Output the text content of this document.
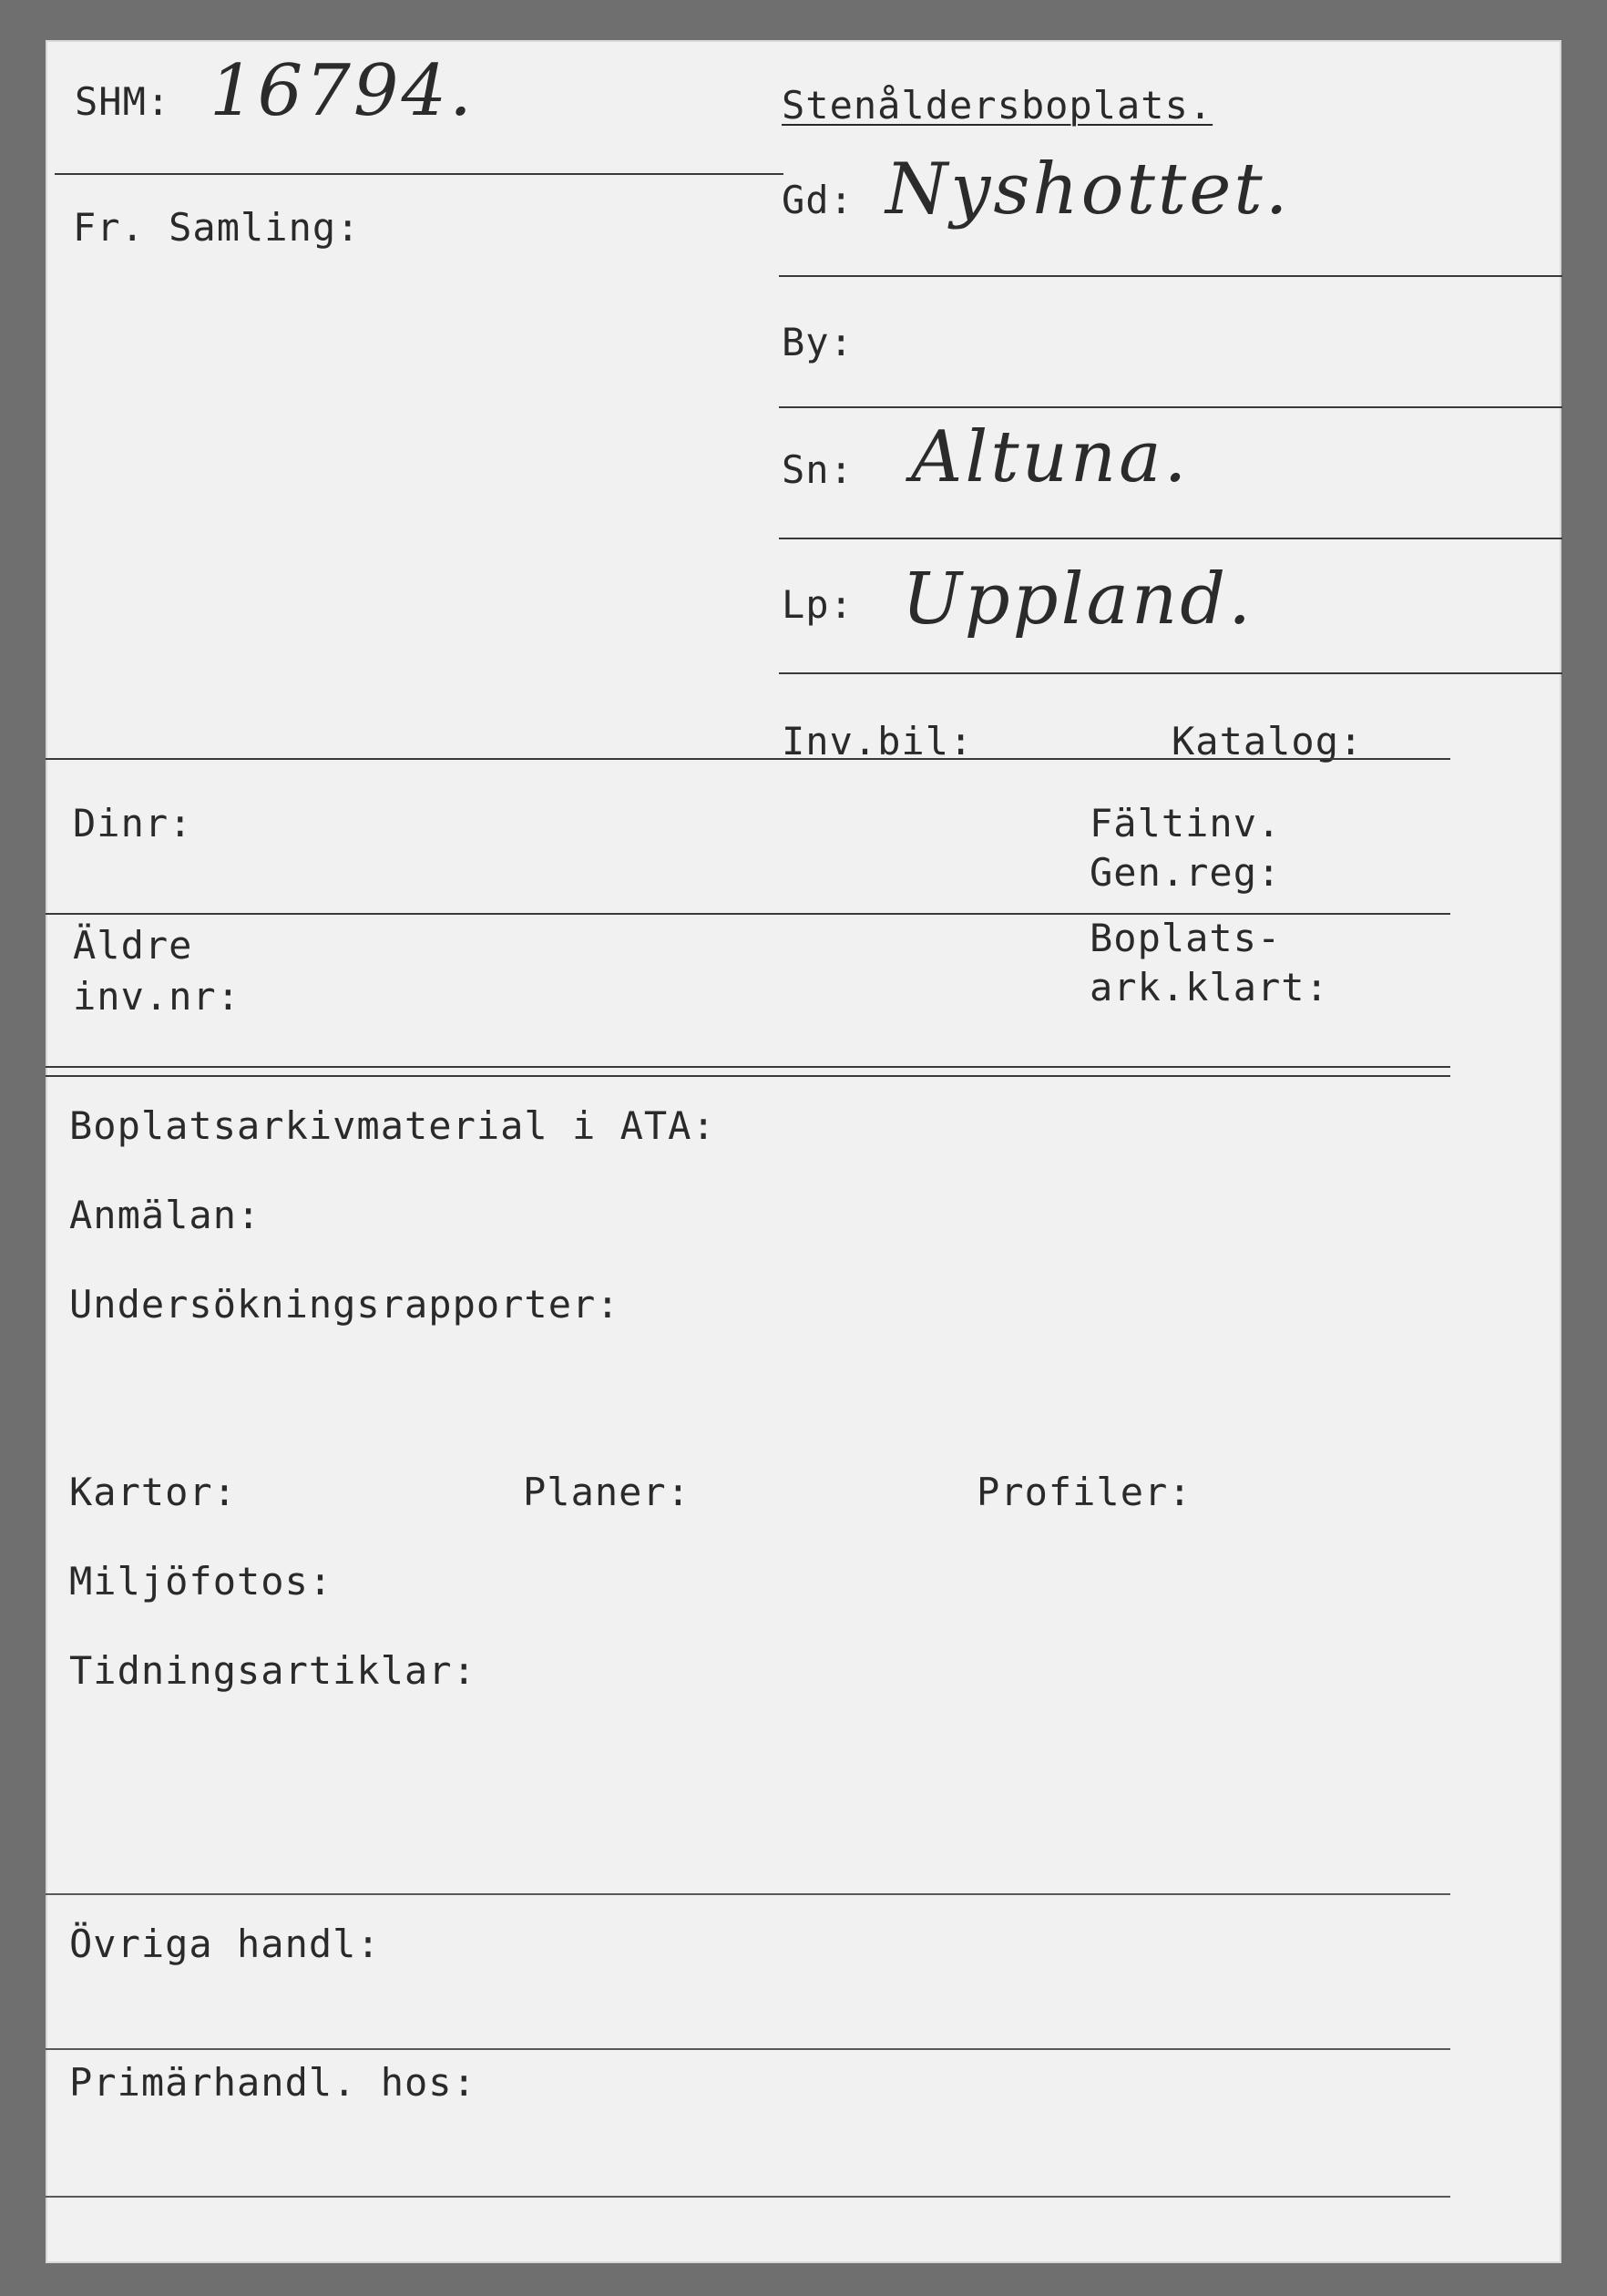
SHM: 16794.
Fr. Samling:
Stenåldersboplats.
Gd: Nyshottet.
By:
Sn: Altuna.
Lp: Uppland.
Inv.bil:	Katalog:
Dinr:	Fältinv.
Gen.reg:
Äldre
inv.nr:
Boplats-
ark.klart:
Boplatsarkivmaterial i ATA:
Anmälan:
Undersökningsrapporter:
Kartor:	Planer:	Profiler:
Miljöfotos:
Tidningsartiklar:
Övriga handl:
Primärhandl. hos:
